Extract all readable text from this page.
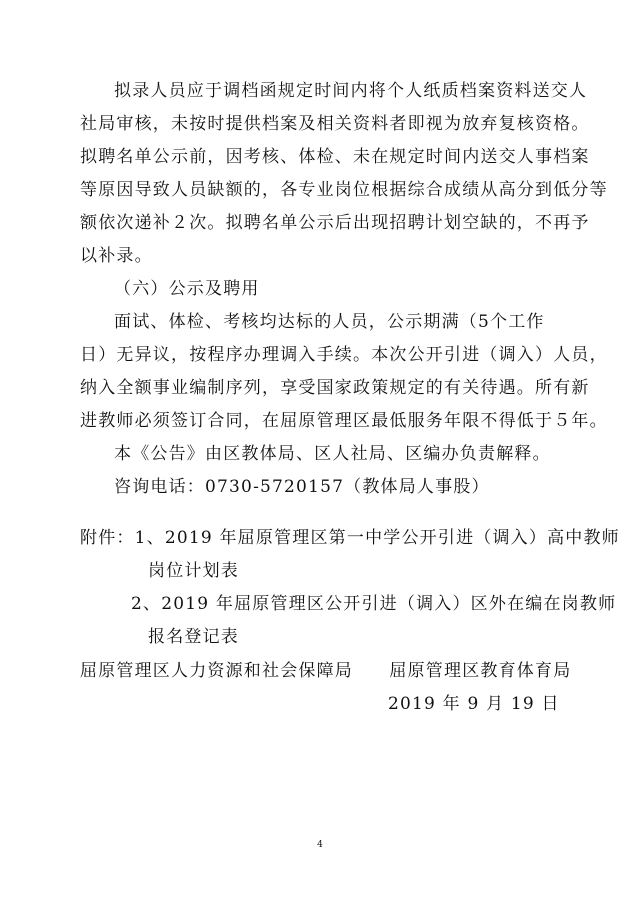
拟录人员应于调档函规定时间内将个人纸质档案资料送交人
社局审核，未按时提供档案及相关资料者即视为放弃复核资格。
拟聘名单公示前，因考核、体检、未在规定时间内送交人事档案
等原因导致人员缺额的，各专业岗位根据综合成绩从高分到低分等
额依次递补２次。拟聘名单公示后出现招聘计划空缺的，不再予
以补录。
（六）公示及聘用
面试、体检、考核均达标的人员，公示期满（5个工作
日）无异议，按程序办理调入手续。本次公开引进（调入）人员，
纳入全额事业编制序列，享受国家政策规定的有关待遇。所有新
进教师必须签订合同，在屈原管理区最低服务年限不得低于５年。
本《公告》由区教体局、区人社局、区编办负责解释。
咨询电话：0730-5720157（教体局人事股）
附件：1、2019 年屈原管理区第一中学公开引进（调入）高中教师
岗位计划表
2、2019 年屈原管理区公开引进（调入）区外在编在岗教师
报名登记表
屈原管理区人力资源和社会保障局　　屈原管理区教育体育局
2019 年 9 月 19 日
4
